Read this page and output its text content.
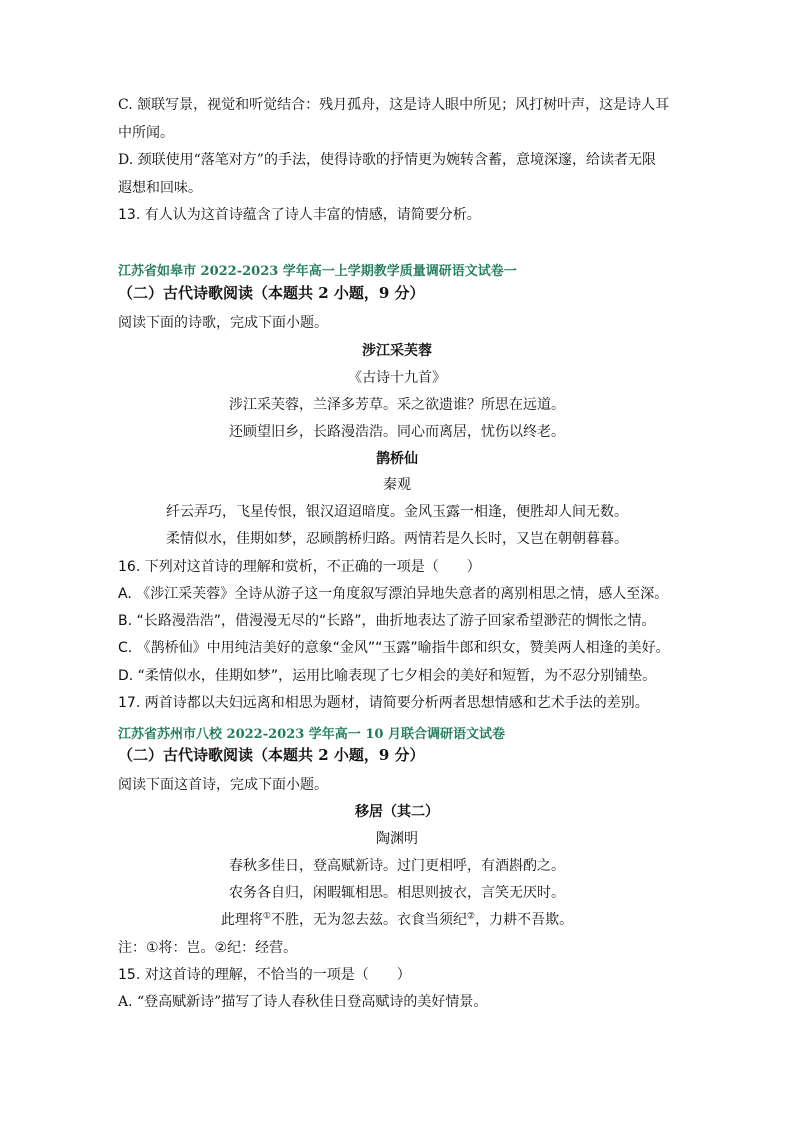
C. 颔联写景，视觉和听觉结合：残月孤舟，这是诗人眼中所见；风打树叶声，这是诗人耳
中所闻。
D. 颈联使用“落笔对方”的手法，使得诗歌的抒情更为婉转含蓄，意境深邃，给读者无限
遐想和回味。
13. 有人认为这首诗蕴含了诗人丰富的情感，请简要分析。
江苏省如皋市 2022-2023 学年高一上学期教学质量调研语文试卷一
（二）古代诗歌阅读（本题共 2 小题，9 分）
阅读下面的诗歌，完成下面小题。
涉江采芙蓉
《古诗十九首》
涉江采芙蓉，兰泽多芳草。采之欲遗谁？所思在远道。
还顾望旧乡，长路漫浩浩。同心而离居，忧伤以终老。
鹊桥仙
秦观
纤云弄巧，飞星传恨，银汉迢迢暗度。金风玉露一相逢，便胜却人间无数。
柔情似水，佳期如梦，忍顾鹊桥归路。两情若是久长时，又岂在朝朝暮暮。
16. 下列对这首诗的理解和赏析，不正确的一项是（　　）
A. 《涉江采芙蓉》全诗从游子这一角度叙写漂泊异地失意者的离别相思之情，感人至深。
B. “长路漫浩浩”，借漫漫无尽的“长路”，曲折地表达了游子回家希望渺茫的惆怅之情。
C. 《鹊桥仙》中用纯洁美好的意象“金风”“玉露”喻指牛郎和织女，赞美两人相逢的美好。
D. “柔情似水，佳期如梦”，运用比喻表现了七夕相会的美好和短暂，为不忍分别铺垫。
17. 两首诗都以夫妇远离和相思为题材，请简要分析两者思想情感和艺术手法的差别。
江苏省苏州市八校 2022-2023 学年高一 10 月联合调研语文试卷
（二）古代诗歌阅读（本题共 2 小题，9 分）
阅读下面这首诗，完成下面小题。
移居（其二）
陶渊明
春秋多佳日，登高赋新诗。过门更相呼，有酒斟酌之。
农务各自归，闲暇辄相思。相思则披衣，言笑无厌时。
此理将①不胜，无为忽去兹。衣食当须纪②，力耕不吾欺。
注：①将：岂。②纪：经营。
15. 对这首诗的理解，不恰当的一项是（　　）
A. “登高赋新诗”描写了诗人春秋佳日登高赋诗的美好情景。
